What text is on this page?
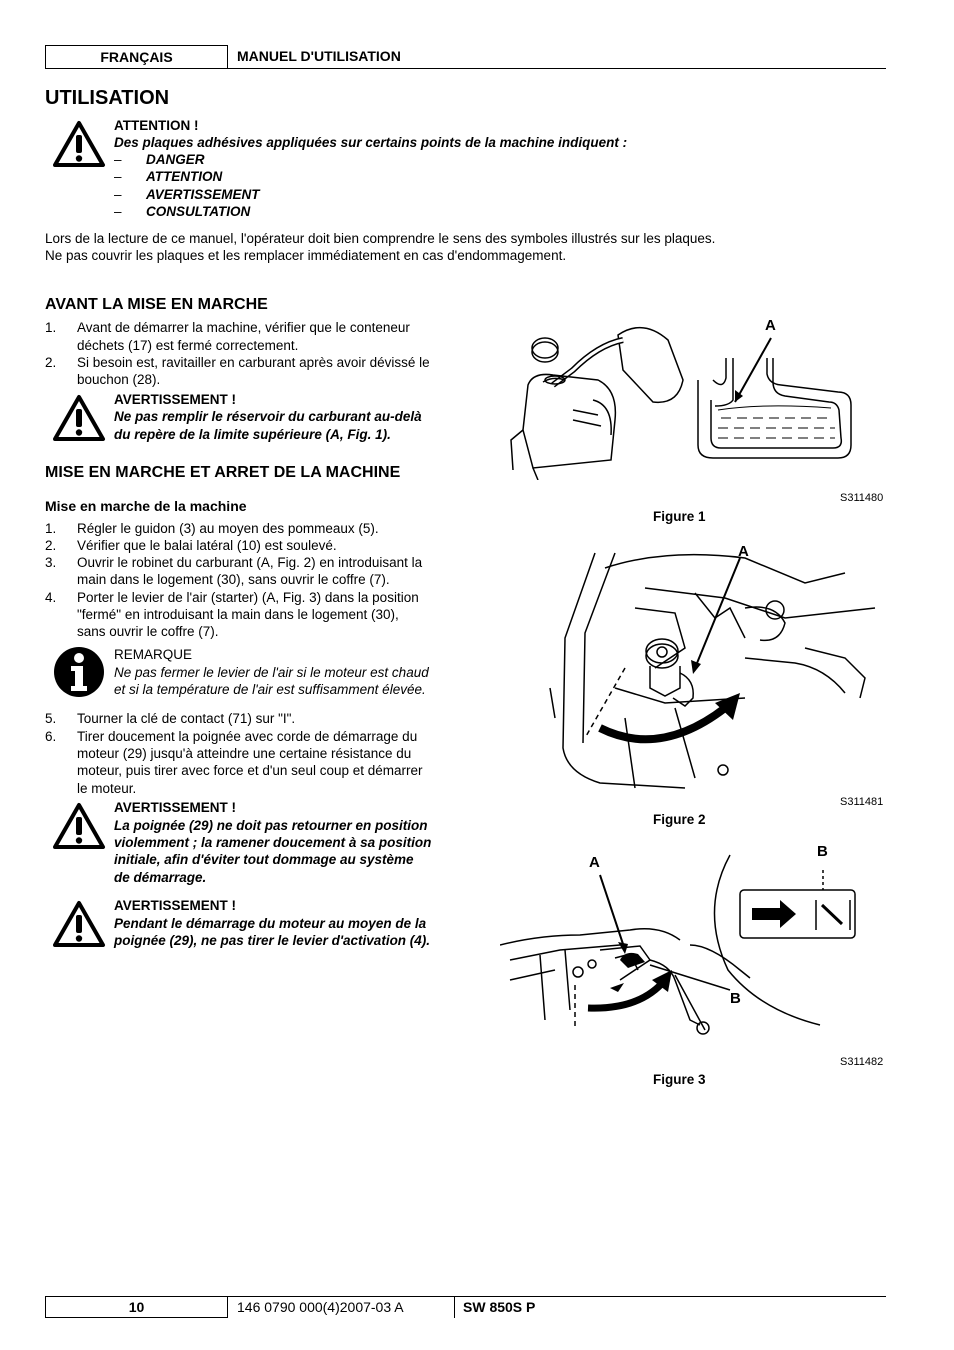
FRANÇAIS	MANUEL D'UTILISATION
UTILISATION
ATTENTION !
Des plaques adhésives appliquées sur certains points de la machine indiquent :
– DANGER
– ATTENTION
– AVERTISSEMENT
– CONSULTATION
Lors de la lecture de ce manuel, l'opérateur doit bien comprendre le sens des symboles illustrés sur les plaques.
Ne pas couvrir les plaques et les remplacer immédiatement en cas d'endommagement.
AVANT LA MISE EN MARCHE
1. Avant de démarrer la machine, vérifier que le conteneur
déchets (17) est fermé correctement.
2. Si besoin est, ravitailler en carburant après avoir dévissé le
bouchon (28).
AVERTISSEMENT !
Ne pas remplir le réservoir du carburant au-delà
du repère de la limite supérieure (A, Fig. 1).
MISE EN MARCHE ET ARRET DE LA MACHINE
Mise en marche de la machine
1. Régler le guidon (3) au moyen des pommeaux (5).
2. Vérifier que le balai latéral (10) est soulevé.
3. Ouvrir le robinet du carburant (A, Fig. 2) en introduisant la
main dans le logement (30), sans ouvrir le coffre (7).
4. Porter le levier de l'air (starter) (A, Fig. 3) dans la position
"fermé" en introduisant la main dans le logement (30),
sans ouvrir le coffre (7).
REMARQUE
Ne pas fermer le levier de l'air si le moteur est chaud
et si la température de l'air est suffisamment élevée.
5. Tourner la clé de contact (71) sur "I".
6. Tirer doucement la poignée avec corde de démarrage du
moteur (29) jusqu'à atteindre une certaine résistance du
moteur, puis tirer avec force et d'un seul coup et démarrer
le moteur.
AVERTISSEMENT !
La poignée (29) ne doit pas retourner en position
violemment ; la ramener doucement à sa position
initiale, afin d'éviter tout dommage au système
de démarrage.
AVERTISSEMENT !
Pendant le démarrage du moteur au moyen de la
poignée (29), ne pas tirer le levier d'activation (4).
A
S311480
Figure 1
A
S311481
Figure 2
A
B
B
S311482
Figure 3
10	146 0790 000(4)2007-03 A	SW 850S P
